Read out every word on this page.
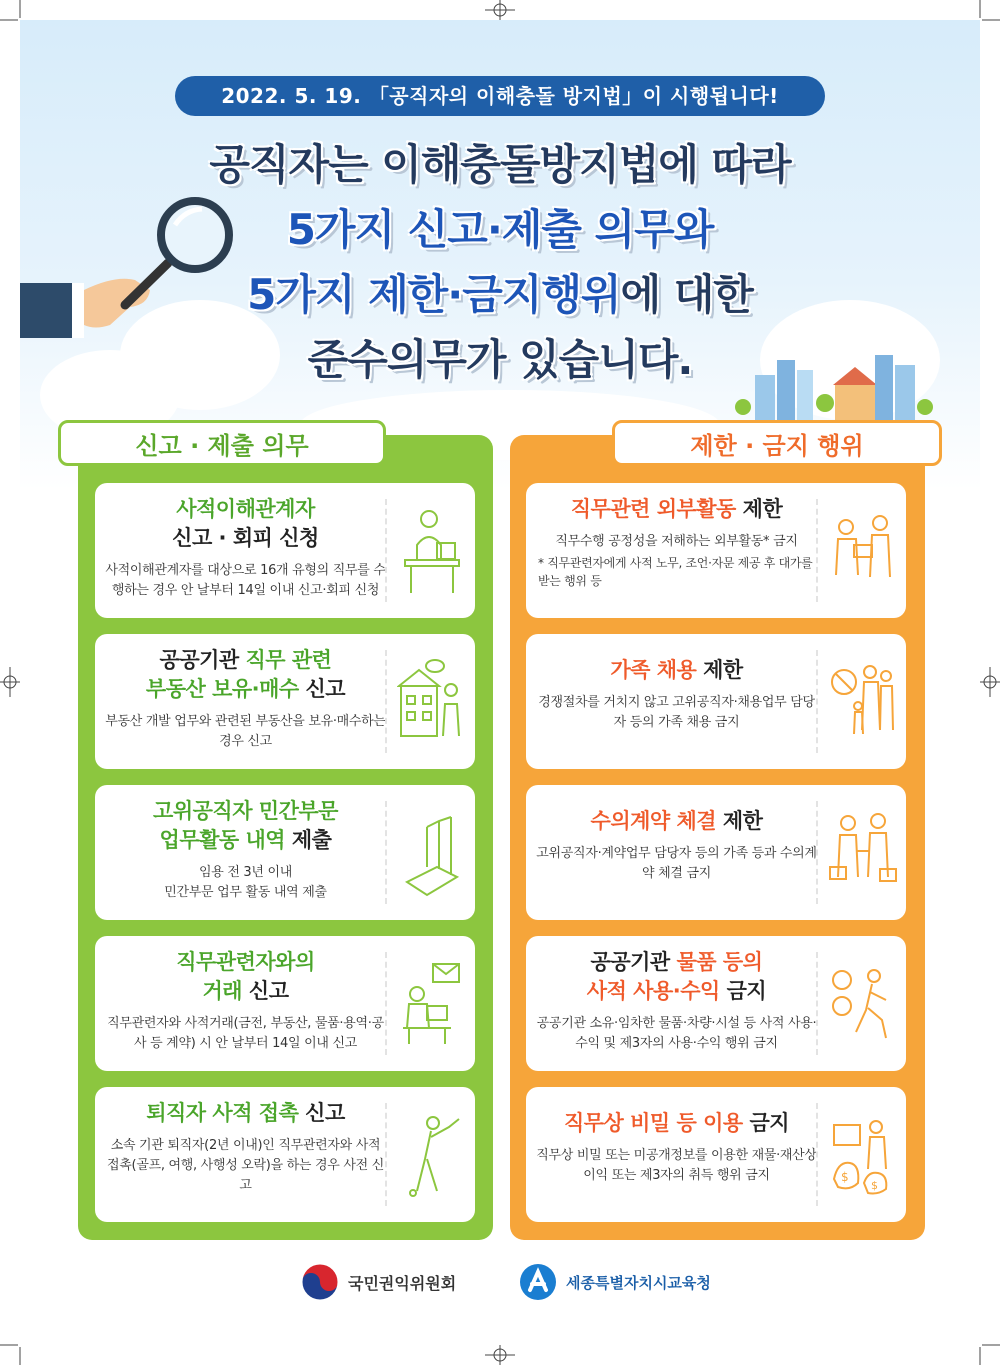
2022. 5. 19. 「공직자의 이해충돌 방지법」이 시행됩니다!
공직자는 이해충돌방지법에 따라
5가지 신고·제출 의무와
5가지 제한·금지행위에 대한
준수의무가 있습니다.
신고 · 제출 의무	제한 · 금지 행위
사적이해관계자
신고 · 회피 신청
사적이해관계자를 대상으로 16개 유형의 직무를 수행하는 경우 안 날부터 14일 이내 신고·회피 신청
공공기관 직무 관련
부동산 보유·매수 신고
부동산 개발 업무와 관련된 부동산을 보유·매수하는 경우 신고
고위공직자 민간부문
업무활동 내역 제출
임용 전 3년 이내
민간부문 업무 활동 내역 제출
직무관련자와의
거래 신고
직무관련자와 사적거래(금전, 부동산, 물품·용역·공사 등 계약) 시 안 날부터 14일 이내 신고
퇴직자 사적 접촉 신고
소속 기관 퇴직자(2년 이내)인 직무관련자와 사적 접촉(골프, 여행, 사행성 오락)을 하는 경우 사전 신고
직무관련 외부활동 제한
직무수행 공정성을 저해하는 외부활동* 금지
* 직무관련자에게 사적 노무, 조언·자문 제공 후 대가를 받는 행위 등
가족 채용 제한
경쟁절차를 거치지 않고 고위공직자·채용업무 담당자 등의 가족 채용 금지
수의계약 체결 제한
고위공직자·계약업무 담당자 등의 가족 등과 수의계약 체결 금지
공공기관 물품 등의
사적 사용·수익 금지
공공기관 소유·임차한 물품·차량·시설 등 사적 사용·수익 및 제3자의 사용·수익 행위 금지
직무상 비밀 등 이용 금지
직무상 비밀 또는 미공개정보를 이용한 재물·재산상 이익 또는 제3자의 취득 행위 금지	$
$
국민권익위원회	세종특별자치시교육청
